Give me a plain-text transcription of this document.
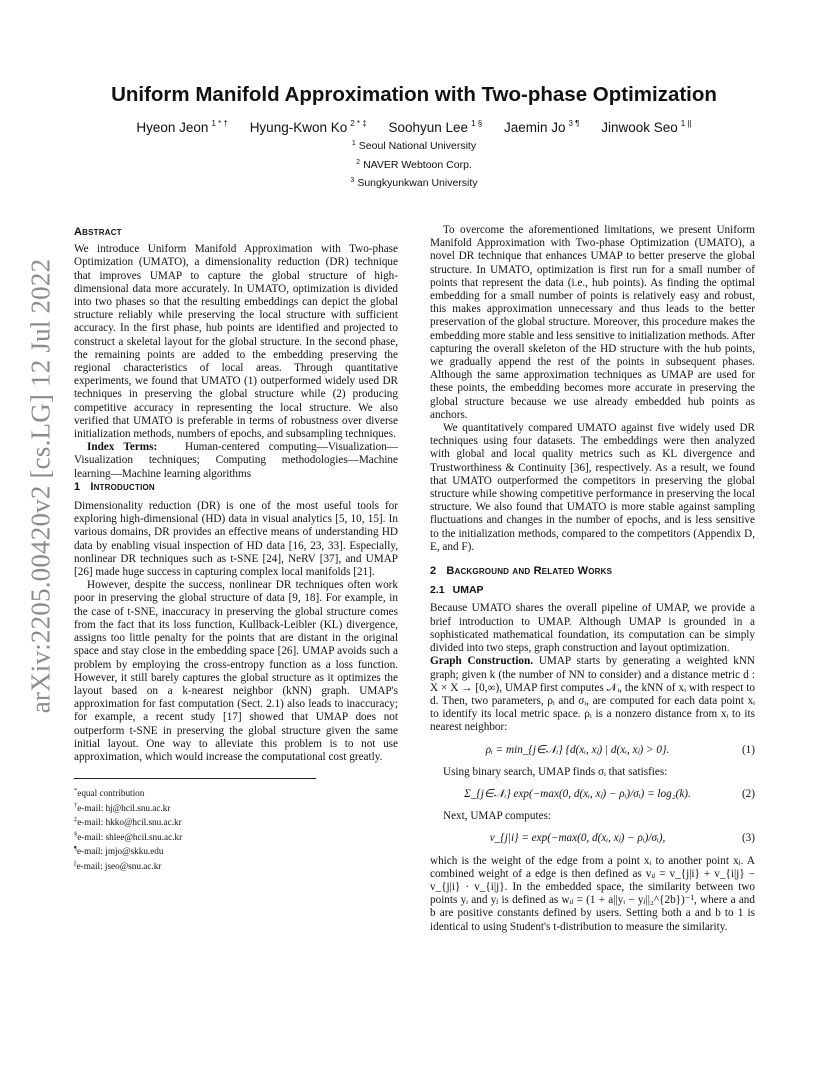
arXiv:2205.00420v2 [cs.LG] 12 Jul 2022
Uniform Manifold Approximation with Two-phase Optimization
Hyeon Jeon $^{1 * \dagger}$ Hyung-Kwon Ko $^{2 * \ddagger}$ Soohyun Lee $^{1 \S}$ Jaemin Jo $^{3 \P}$ Jinwook Seo $^{1 ||}$
$^1$ Seoul National University
$^2$ NAVER Webtoon Corp.
$^3$ Sungkyunkwan University
Abstract

We introduce Uniform Manifold Approximation with Two-phase Optimization (UMATO), a dimensionality reduction (DR) technique that improves UMAP to capture the global structure of high-dimensional data more accurately. In UMATO, optimization is divided into two phases so that the resulting embeddings can depict the global structure reliably while preserving the local structure with sufficient accuracy. In the first phase, hub points are identified and projected to construct a skeletal layout for the global structure. In the second phase, the remaining points are added to the embedding preserving the regional characteristics of local areas. Through quantitative experiments, we found that UMATO (1) outperformed widely used DR techniques in preserving the global structure while (2) producing competitive accuracy in representing the local structure. We also verified that UMATO is preferable in terms of robustness over diverse initialization methods, numbers of epochs, and subsampling techniques.

Index Terms: Human-centered computing—Visualization—Visualization techniques; Computing methodologies—Machine learning—Machine learning algorithms

1 Introduction

Dimensionality reduction (DR) is one of the most useful tools for exploring high-dimensional (HD) data in visual analytics [5, 10, 15]. In various domains, DR provides an effective means of understanding HD data by enabling visual inspection of HD data [16, 23, 33]. Especially, nonlinear DR techniques such as t-SNE [24], NeRV [37], and UMAP [26] made huge success in capturing complex local manifolds [21].

However, despite the success, nonlinear DR techniques often work poor in preserving the global structure of data [9, 18]. For example, in the case of t-SNE, inaccuracy in preserving the global structure comes from the fact that its loss function, Kullback-Leibler (KL) divergence, assigns too little penalty for the points that are distant in the original space and stay close in the embedding space [26]. UMAP avoids such a problem by employing the cross-entropy function as a loss function. However, it still barely captures the global structure as it optimizes the layout based on a k-nearest neighbor (kNN) graph. UMAP's approximation for fast computation (Sect. 2.1) also leads to inaccuracy; for example, a recent study [17] showed that UMAP does not outperform t-SNE in preserving the global structure given the same initial layout. One way to alleviate this problem is to not use approximation, which would increase the computational cost greatly.

*equal contribution
†e-mail: hj@hcil.snu.ac.kr
‡e-mail: hkko@hcil.snu.ac.kr
§e-mail: shlee@hcil.snu.ac.kr
¶e-mail: jmjo@skku.edu
||e-mail: jseo@snu.ac.kr

To overcome the aforementioned limitations, we present Uniform Manifold Approximation with Two-phase Optimization (UMATO), a novel DR technique that enhances UMAP to better preserve the global structure. In UMATO, optimization is first run for a small number of points that represent the data (i.e., hub points). As finding the optimal embedding for a small number of points is relatively easy and robust, this makes approximation unnecessary and thus leads to the better preservation of the global structure. Moreover, this procedure makes the embedding more stable and less sensitive to initialization methods. After capturing the overall skeleton of the HD structure with the hub points, we gradually append the rest of the points in subsequent phases. Although the same approximation techniques as UMAP are used for these points, the embedding becomes more accurate in preserving the global structure because we use already embedded hub points as anchors.

We quantitatively compared UMATO against five widely used DR techniques using four datasets. The embeddings were then analyzed with global and local quality metrics such as KL divergence and Trustworthiness & Continuity [36], respectively. As a result, we found that UMATO outperformed the competitors in preserving the global structure while showing competitive performance in preserving the local structure. We also found that UMATO is more stable against sampling fluctuations and changes in the number of epochs, and is less sensitive to the initialization methods, compared to the competitors (Appendix D, E, and F).

2 Background and Related Works
2.1 UMAP

Because UMATO shares the overall pipeline of UMAP, we provide a brief introduction to UMAP. Although UMAP is grounded in a sophisticated mathematical foundation, its computation can be simply divided into two steps, graph construction and layout optimization.

Graph Construction. UMAP starts by generating a weighted kNN graph; given k (the number of NN to consider) and a distance metric d : X × X → [0,∞), UMAP first computes 𝒩ᵢ, the kNN of xᵢ with respect to d. Then, two parameters, ρᵢ and σᵢ, are computed for each data point xᵢ to identify its local metric space. ρᵢ is a nonzero distance from xᵢ to its nearest neighbor:

ρᵢ = min_{j∈𝒩ᵢ} {d(xᵢ, xⱼ) | d(xᵢ, xⱼ) > 0}.	(1)

Using binary search, UMAP finds σᵢ that satisfies:

Σ_{j∈𝒩ᵢ} exp(−max(0, d(xᵢ, xⱼ) − ρᵢ)/σᵢ) = log₂(k).	(2)

Next, UMAP computes:

v_{j|i} = exp(−max(0, d(xᵢ, xⱼ) − ρᵢ)/σᵢ),	(3)

which is the weight of the edge from a point xᵢ to another point xⱼ. A combined weight of a edge is then defined as vᵢⱼ = v_{j|i} + v_{i|j} − v_{j|i} · v_{i|j}. In the embedded space, the similarity between two points yᵢ and yⱼ is defined as wᵢⱼ = (1 + a||yᵢ − yⱼ||₂^{2b})⁻¹, where a and b are positive constants defined by users. Setting both a and b to 1 is identical to using Student's t-distribution to measure the similarity.
